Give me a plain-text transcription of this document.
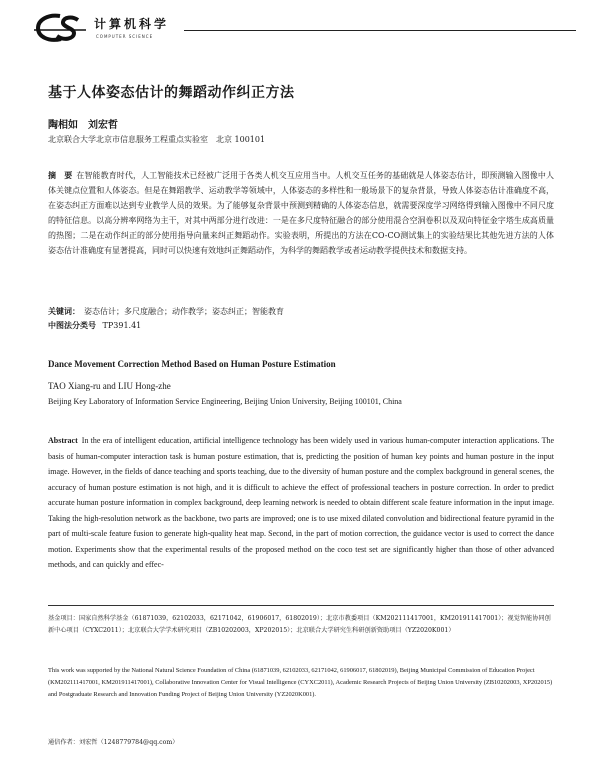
计算机科学
COMPUTER SCIENCE
基于人体姿态估计的舞蹈动作纠正方法
陶相如　刘宏哲
北京联合大学北京市信息服务工程重点实验室　北京 100101
摘　要 在智能教育时代，人工智能技术已经被广泛用于各类人机交互应用当中。人机交互任务的基础就是人体姿态估计，即预测输入图像中人体关键点位置和人体姿态。但是在舞蹈教学、运动教学等领域中，人体姿态的多样性和一般场景下的复杂背景，导致人体姿态估计准确度不高，在姿态纠正方面难以达到专业教学人员的效果。为了能够复杂背景中预测到精确的人体姿态信息，就需要深度学习网络得到输入图像中不同尺度的特征信息。以高分辨率网络为主干，对其中两部分进行改进：一是在多尺度特征融合的部分使用混合空洞卷积以及双向特征金字塔生成高质量的热图；二是在动作纠正的部分使用指导向量来纠正舞蹈动作。实验表明，所提出的方法在CO-CO测试集上的实验结果比其他先进方法的人体姿态估计准确度有显著提高，同时可以快速有效地纠正舞蹈动作，为科学的舞蹈教学或者运动教学提供技术和数据支持。
关键词： 姿态估计；多尺度融合；动作教学；姿态纠正；智能教育
中图法分类号 TP391.41
Dance Movement Correction Method Based on Human Posture Estimation
TAO Xiang-ru and LIU Hong-zhe
Beijing Key Laboratory of Information Service Engineering, Beijing Union University, Beijing 100101, China
Abstract In the era of intelligent education, artificial intelligence technology has been widely used in various human-computer interaction applications. The basis of human-computer interaction task is human posture estimation, that is, predicting the position of human key points and human posture in the input image. However, in the fields of dance teaching and sports teaching, due to the diversity of human posture and the complex background in general scenes, the accuracy of human posture estimation is not high, and it is difficult to achieve the effect of professional teachers in posture correction. In order to predict accurate human posture information in complex background, deep learning network is needed to obtain different scale feature information in the input image. Taking the high-resolution network as the backbone, two parts are improved; one is to use mixed dilated convolution and bidirectional feature pyramid in the part of multi-scale feature fusion to generate high-quality heat map. Second, in the part of motion correction, the guidance vector is used to correct the dance motion. Experiments show that the experimental results of the proposed method on the coco test set are significantly higher than those of other advanced methods, and can quickly and effec-
基金项目：国家自然科学基金（61871039，62102033，62171042，61906017，61802019）；北京市教委项目（KM202111417001，KM201911417001）；视觉智能协同创新中心项目（CYXC2011）；北京联合大学学术研究项目（ZB10202003，XP202015）；北京联合大学研究生科研创新资助项目（YZ2020K001）
This work was supported by the National Natural Science Foundation of China (61871039, 62102033, 62171042, 61906017, 61802019), Beijing Municipal Commission of Education Project (KM202111417001, KM201911417001), Collaborative Innovation Center for Visual Intelligence (CYXC2011), Academic Research Projects of Beijing Union University (ZB10202003, XP202015) and Postgraduate Research and Innovation Funding Project of Beijing Union University (YZ2020K001).
通信作者：刘宏哲（1248779784@qq.com）
